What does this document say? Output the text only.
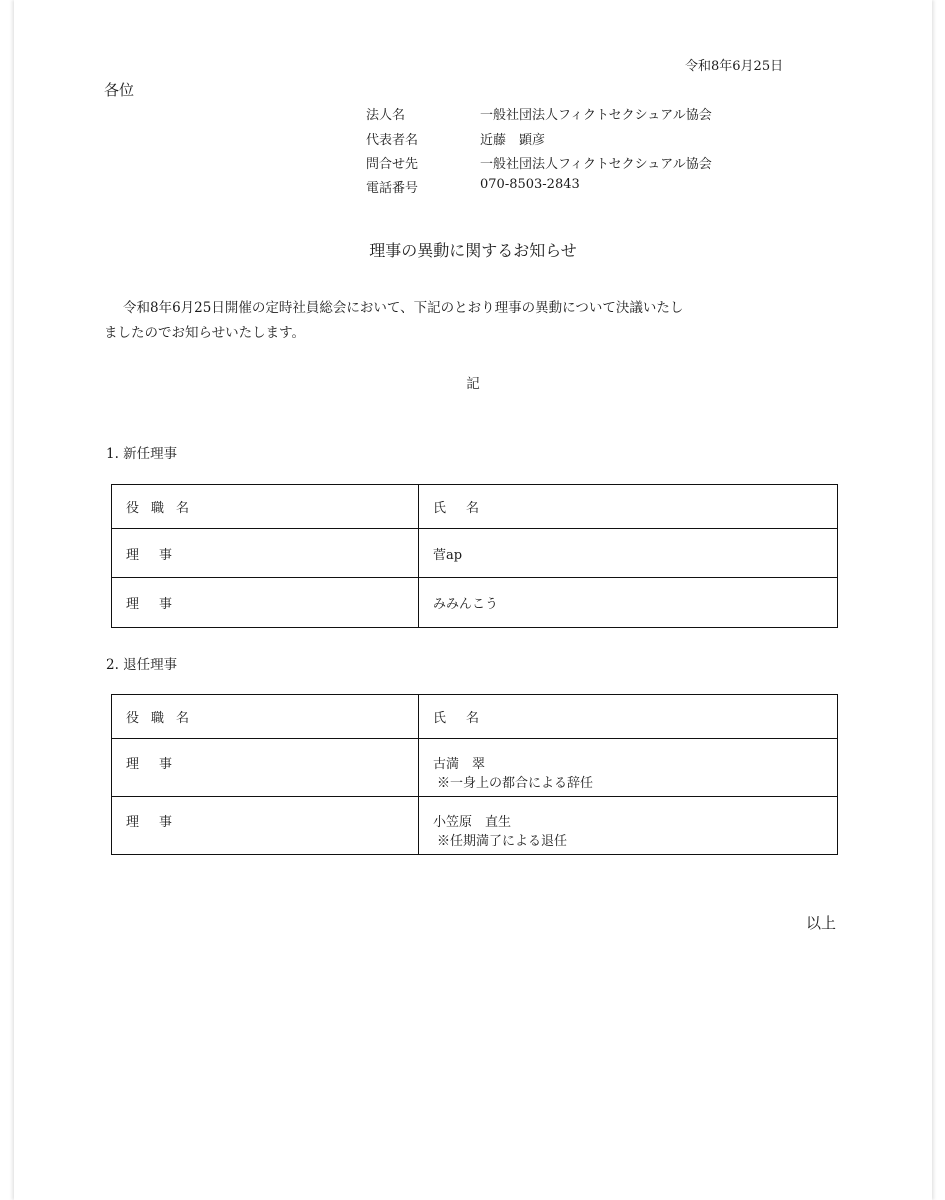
令和8年6月25日
各位
法人名	一般社団法人フィクトセクシュアル協会
代表者名	近藤　顕彦
問合せ先	一般社団法人フィクトセクシュアル協会
電話番号	070-8503-2843
理事の異動に関するお知らせ
令和8年6月25日開催の定時社員総会において、下記のとおり理事の異動について決議いたし
ましたのでお知らせいたします。
記
1. 新任理事
役職名	氏名
理事	菅ap
理事	みみんこう
2. 退任理事
役職名	氏名
理事	古満　翠
※一身上の都合による辞任

理事	小笠原　直生
※任期満了による退任
以上
